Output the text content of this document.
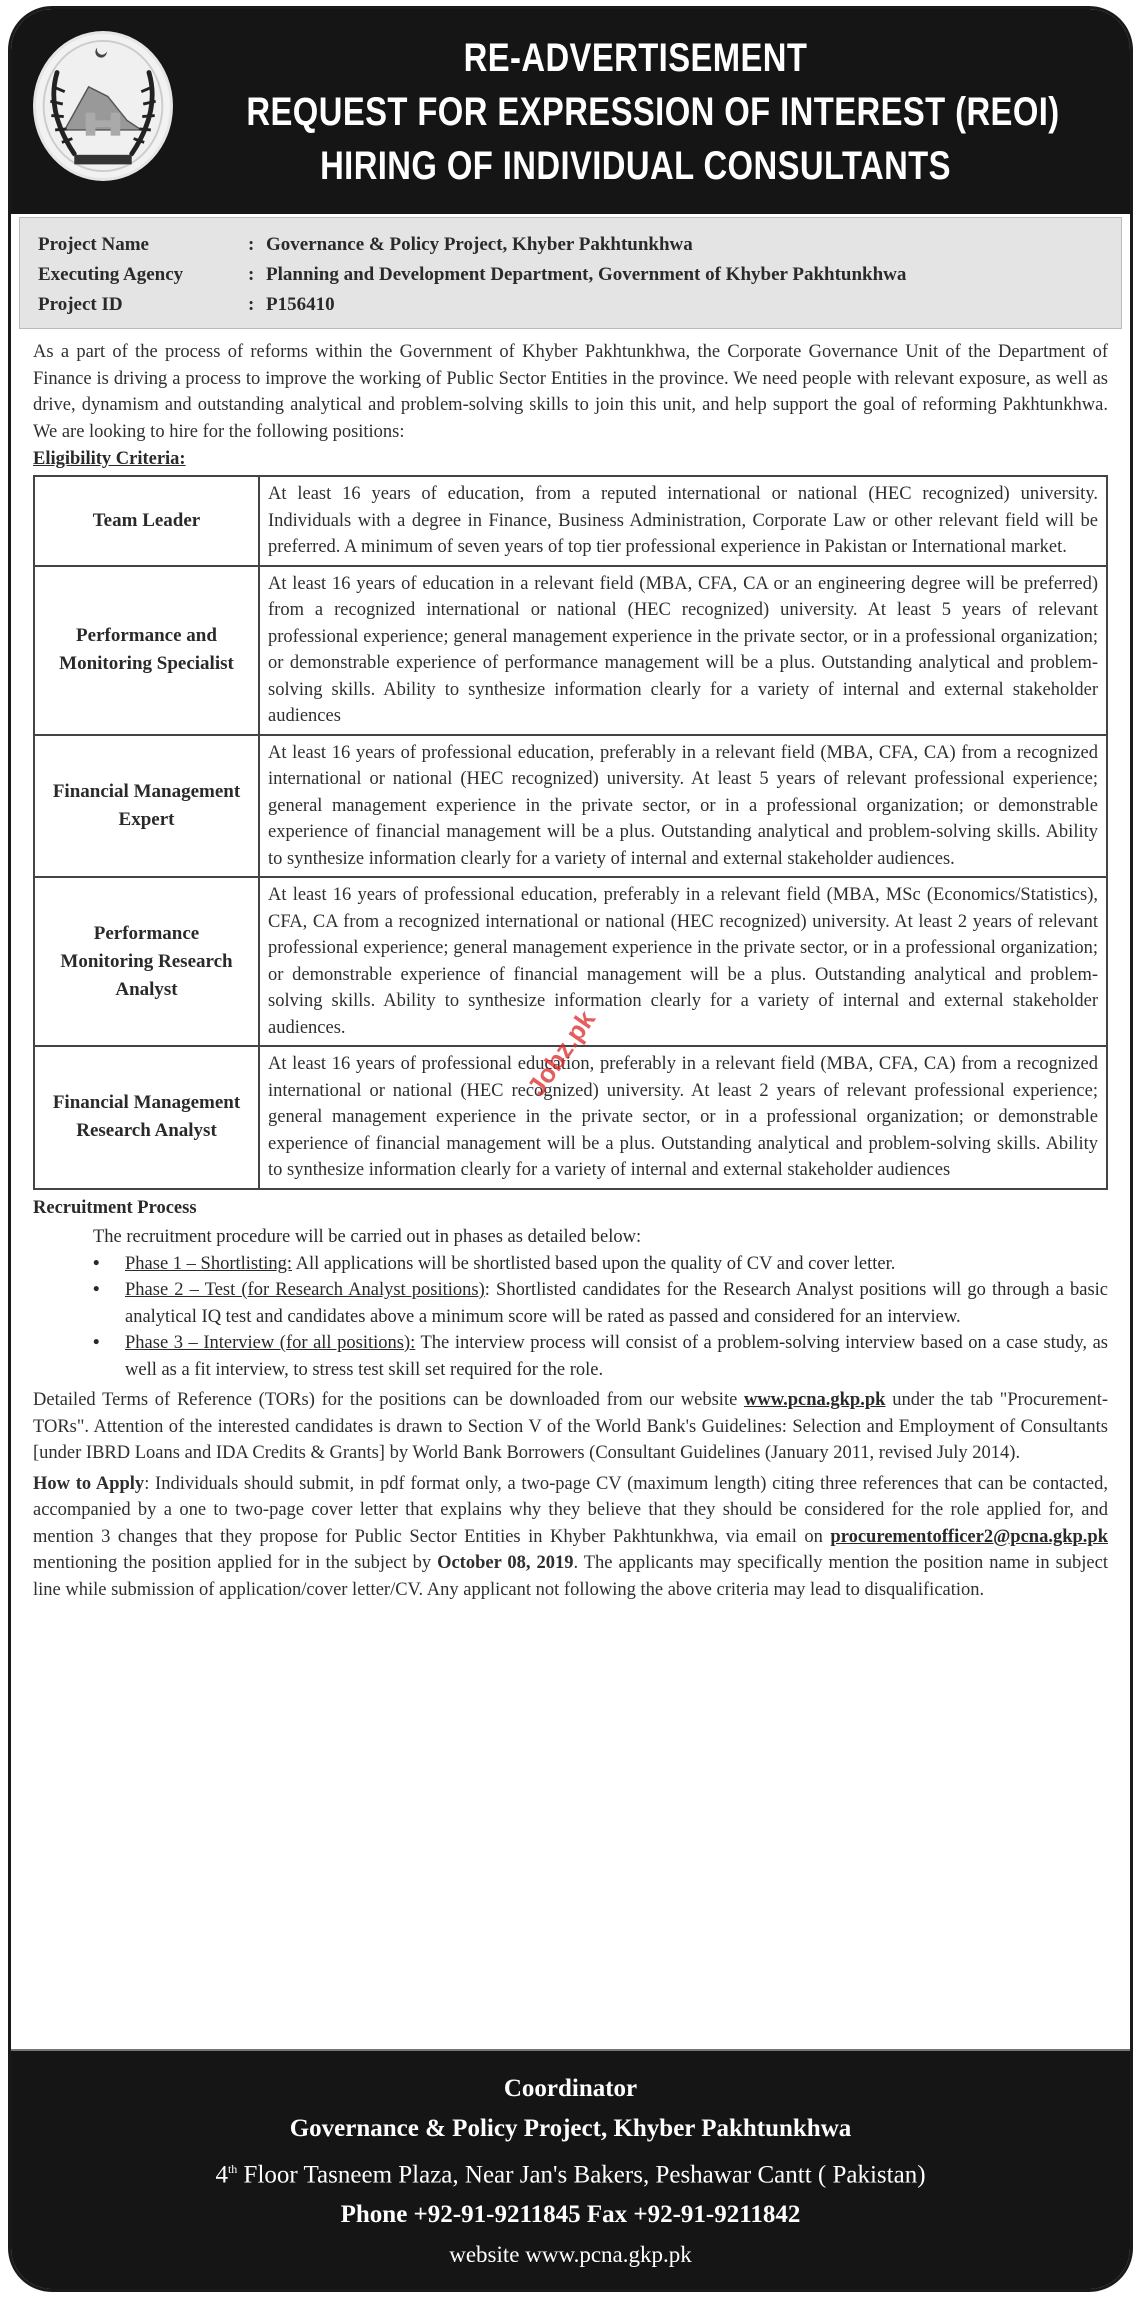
RE-ADVERTISEMENT
REQUEST FOR EXPRESSION OF INTEREST (REOI)
HIRING OF INDIVIDUAL CONSULTANTS
Project Name	: Governance & Policy Project, Khyber Pakhtunkhwa
Executing Agency	: Planning and Development Department, Government of Khyber Pakhtunkhwa
Project ID	: P156410

As a part of the process of reforms within the Government of Khyber Pakhtunkhwa, the Corporate Governance Unit of the Department of Finance is driving a process to improve the working of Public Sector Entities in the province. We need people with relevant exposure, as well as drive, dynamism and outstanding analytical and problem-solving skills to join this unit, and help support the goal of reforming Pakhtunkhwa. We are looking to hire for the following positions:

Eligibility Criteria:
Team Leader	At least 16 years of education, from a reputed international or national (HEC recognized) university. Individuals with a degree in Finance, Business Administration, Corporate Law or other relevant field will be preferred. A minimum of seven years of top tier professional experience in Pakistan or International market.
Performance and Monitoring Specialist	At least 16 years of education in a relevant field (MBA, CFA, CA or an engineering degree will be preferred) from a recognized international or national (HEC recognized) university. At least 5 years of relevant professional experience; general management experience in the private sector, or in a professional organization; or demonstrable experience of performance management will be a plus. Outstanding analytical and problem-solving skills. Ability to synthesize information clearly for a variety of internal and external stakeholder audiences
Financial Management Expert	At least 16 years of professional education, preferably in a relevant field (MBA, CFA, CA) from a recognized international or national (HEC recognized) university. At least 5 years of relevant professional experience; general management experience in the private sector, or in a professional organization; or demonstrable experience of financial management will be a plus. Outstanding analytical and problem-solving skills. Ability to synthesize information clearly for a variety of internal and external stakeholder audiences.
Performance Monitoring Research Analyst	At least 16 years of professional education, preferably in a relevant field (MBA, MSc (Economics/Statistics), CFA, CA from a recognized international or national (HEC recognized) university. At least 2 years of relevant professional experience; general management experience in the private sector, or in a professional organization; or demonstrable experience of financial management will be a plus. Outstanding analytical and problem-solving skills. Ability to synthesize information clearly for a variety of internal and external stakeholder audiences.
Financial Management Research Analyst	At least 16 years of professional education, preferably in a relevant field (MBA, CFA, CA) from a recognized international or national (HEC recognized) university. At least 2 years of relevant professional experience; general management experience in the private sector, or in a professional organization; or demonstrable experience of financial management will be a plus. Outstanding analytical and problem-solving skills. Ability to synthesize information clearly for a variety of internal and external stakeholder audiences
Recruitment Process

The recruitment procedure will be carried out in phases as detailed below:

• Phase 1 – Shortlisting: All applications will be shortlisted based upon the quality of CV and cover letter.
• Phase 2 – Test (for Research Analyst positions): Shortlisted candidates for the Research Analyst positions will go through a basic analytical IQ test and candidates above a minimum score will be rated as passed and considered for an interview.
• Phase 3 – Interview (for all positions): The interview process will consist of a problem-solving interview based on a case study, as well as a fit interview, to stress test skill set required for the role.

Detailed Terms of Reference (TORs) for the positions can be downloaded from our website www.pcna.gkp.pk under the tab "Procurement-TORs". Attention of the interested candidates is drawn to Section V of the World Bank's Guidelines: Selection and Employment of Consultants [under IBRD Loans and IDA Credits & Grants] by World Bank Borrowers (Consultant Guidelines (January 2011, revised July 2014).

How to Apply: Individuals should submit, in pdf format only, a two-page CV (maximum length) citing three references that can be contacted, accompanied by a one to two-page cover letter that explains why they believe that they should be considered for the role applied for, and mention 3 changes that they propose for Public Sector Entities in Khyber Pakhtunkhwa, via email on procurementofficer2@pcna.gkp.pk mentioning the position applied for in the subject by October 08, 2019. The applicants may specifically mention the position name in subject line while submission of application/cover letter/CV. Any applicant not following the above criteria may lead to disqualification.

Coordinator
Governance & Policy Project, Khyber Pakhtunkhwa
4th Floor Tasneem Plaza, Near Jan's Bakers, Peshawar Cantt ( Pakistan)
Phone +92-91-9211845 Fax +92-91-9211842
website www.pcna.gkp.pk
Jobz.pk
